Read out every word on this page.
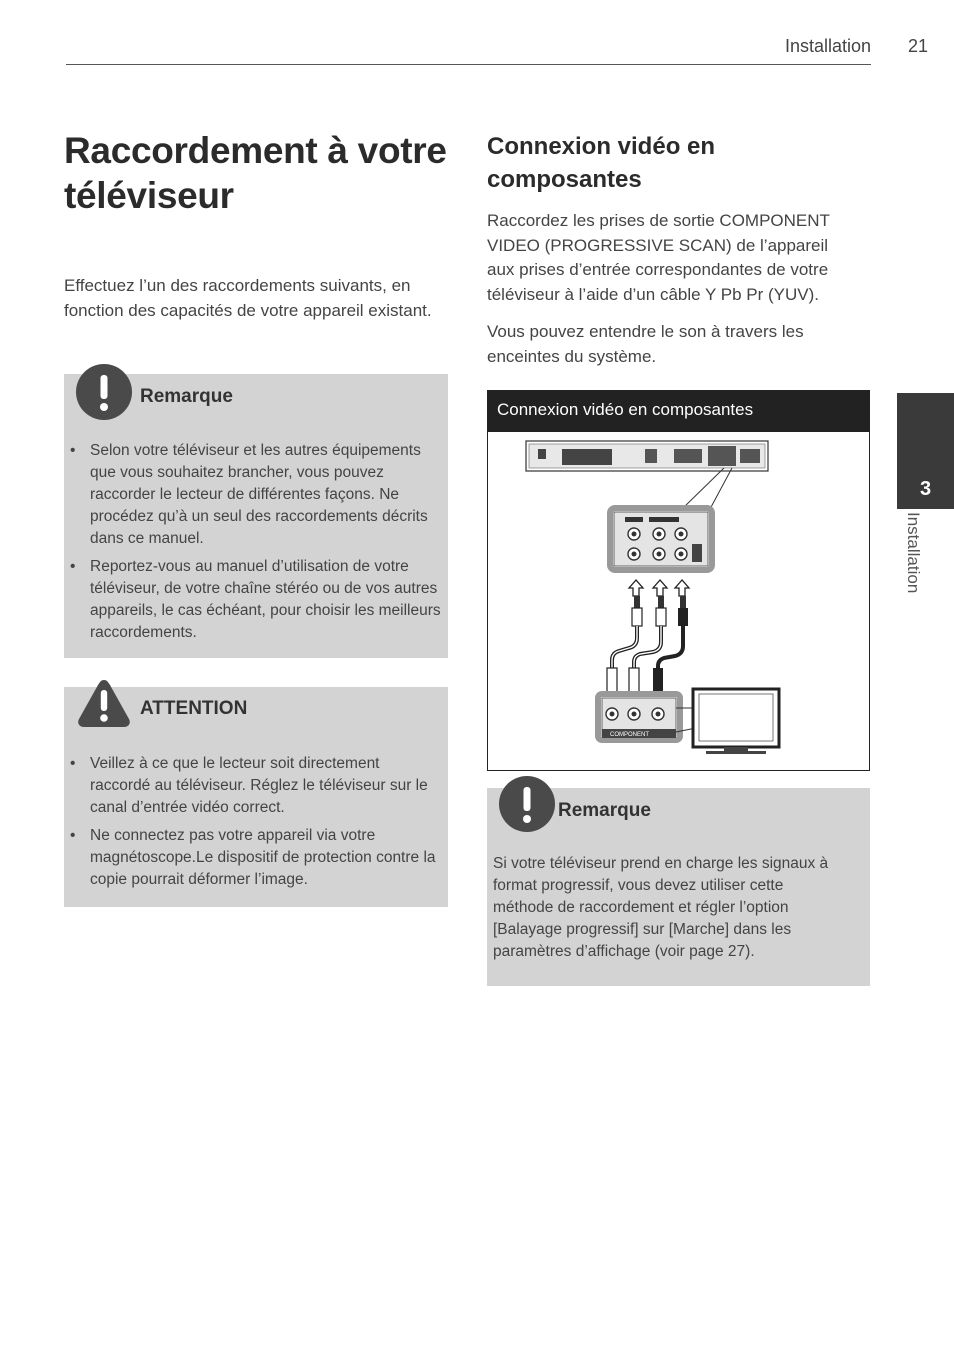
Installation	21
Raccordement à votre téléviseur
Effectuez l’un des raccordements suivants, en fonction des capacités de votre appareil existant.
Remarque
• Selon votre téléviseur et les autres équipements que vous souhaitez brancher, vous pouvez raccorder le lecteur de différentes façons. Ne procédez qu’à un seul des raccordements décrits dans ce manuel.
• Reportez-vous au manuel d’utilisation de votre téléviseur, de votre chaîne stéréo ou de vos autres appareils, le cas échéant, pour choisir les meilleurs raccordements.
ATTENTION
• Veillez à ce que le lecteur soit directement raccordé au téléviseur. Réglez le téléviseur sur le canal d’entrée vidéo correct.
• Ne connectez pas votre appareil via votre magnétoscope.Le dispositif de protection contre la copie pourrait déformer l’image.
Connexion vidéo en composantes
Raccordez les prises de sortie COMPONENT VIDEO (PROGRESSIVE SCAN) de l’appareil aux prises d’entrée correspondantes de votre téléviseur à l’aide d’un câble Y Pb Pr (YUV).
Vous pouvez entendre le son à travers les enceintes du système.
Connexion vidéo en composantes
COMPONENT
Remarque
Si votre téléviseur prend en charge les signaux à format progressif, vous devez utiliser cette méthode de raccordement et régler l’option [Balayage progressif] sur [Marche] dans les paramètres d’affichage (voir page 27).
3
Installation
